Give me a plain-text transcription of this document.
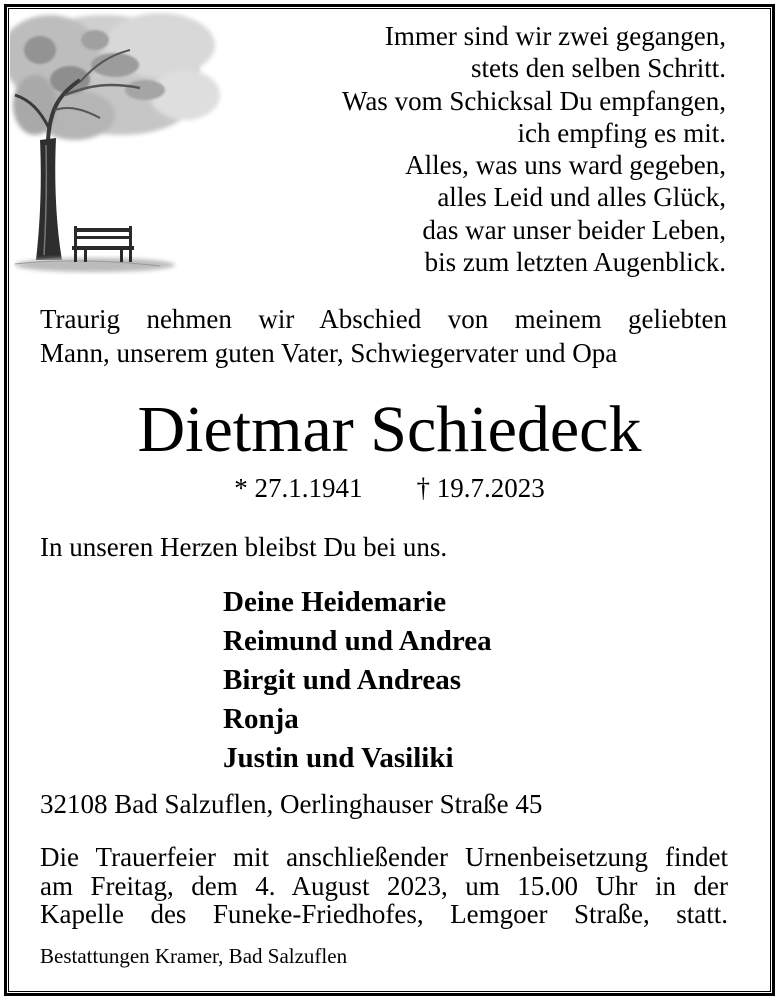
Immer sind wir zwei gegangen,
stets den selben Schritt.
Was vom Schicksal Du empfangen,
ich empfing es mit.
Alles, was uns ward gegeben,
alles Leid und alles Glück,
das war unser beider Leben,
bis zum letzten Augenblick.
Traurig nehmen wir Abschied von meinem geliebten
Mann, unserem guten Vater, Schwiegervater und Opa
Dietmar Schiedeck
* 27.1.1941 † 19.7.2023
In unseren Herzen bleibst Du bei uns.
Deine Heidemarie
Reimund und Andrea
Birgit und Andreas
Ronja
Justin und Vasiliki
32108 Bad Salzuflen, Oerlinghauser Straße 45
Die Trauerfeier mit anschließender Urnenbeisetzung findet
am Freitag, dem 4. August 2023, um 15.00 Uhr in der
Kapelle des Funeke-Friedhofes, Lemgoer Straße, statt.
Bestattungen Kramer, Bad Salzuflen
